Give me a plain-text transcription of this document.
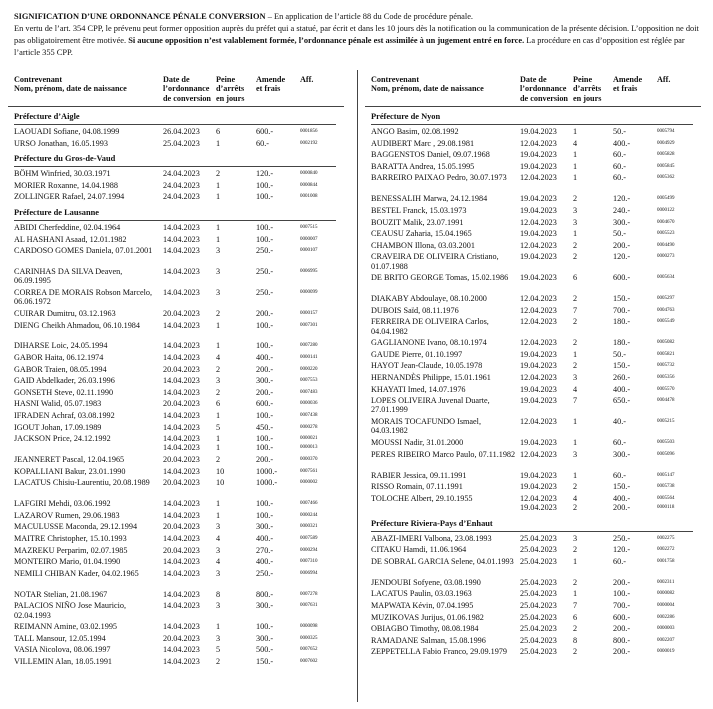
SIGNIFICATION D’UNE ORDONNANCE PÉNALE CONVERSION – En application de l’article 88 du Code de procédure pénale.

En vertu de l’art. 354 CPP, le prévenu peut former opposition auprès du préfet qui a statué, par écrit et dans les 10 jours dès la notification ou la communication de la présente décision. L’opposition ne doit pas obligatoirement être motivée. Si aucune opposition n’est valablement formée, l’ordonnance pénale est assimilée à un jugement entré en force. La procédure en cas d’opposition est réglée par l’article 355 CPP.

Contrevenant
Nom, prénom, date de naissance
Date de
l’ordonnance
de conversion
Peine
d’arrêts
en jours
Amende
et frais
Aff.
Préfecture d’Aigle
LAOUADI Sofiane, 04.08.1999	26.04.2023 6	600.-	0001856
URSO Jonathan, 16.05.1993	25.04.2023 1	60.-	0002192
Préfecture du Gros-de-Vaud
BÖHM Winfried, 30.03.1971	24.04.2023 2	120.-	0000840
MORIER Roxanne, 14.04.1988	24.04.2023 1	100.-	0000844
ZOLLINGER Rafael, 24.07.1994	24.04.2023 1	100.-	0001008
Préfecture de Lausanne
ABIDI Cherfeddine, 02.04.1964	14.04.2023 1	100.-	0007515
AL HASHANI Asaad, 12.01.1982	14.04.2023 1	100.-	0000007
CARDOSO GOMES Daniela, 07.01.2001	14.04.2023 3	250.-	0000107
CARINHAS DA SILVA Deaven, 06.09.1995
14.04.2023 3	250.-	0006995
CORREA DE MORAIS Robson Marcelo, 06.06.1972
14.04.2023 3	250.-	0000099
CUIRAR Dumitru, 03.12.1963	20.04.2023 2	200.-	0000157
DIENG Cheikh Ahmadou, 06.10.1984	14.04.2023 1	100.-	0007301
DIHARSE Loic, 24.05.1994	14.04.2023 1	100.-	0007280
GABOR Haita, 06.12.1974	14.04.2023 4	400.-	0000141
GABOR Traien, 08.05.1994	20.04.2023 2	200.-	0000220
GAID Abdelkader, 26.03.1996	14.04.2023 3	300.-	0007553
GONSETH Steve, 02.11.1990	14.04.2023 2	200.-	0007483
HASNI Walid, 05.07.1983	20.04.2023 6	600.-	0000036
IFRADEN Achraf, 03.08.1992	14.04.2023 1	100.-	0007438
IGOUT Johan, 17.09.1989	14.04.2023 5	450.-	0000278
JACKSON Price, 24.12.1992	14.04.2023 1	100.-	0000021
14.04.2023 1	100.-	0000013
JEANNERET Pascal, 12.04.1965	20.04.2023 2	200.-	0000370
KOPALLIANI Bakur, 23.01.1990	14.04.2023 10	1000.-	0007561
LACATUS Chisiu-Laurentiu, 20.08.1989	20.04.2023 10	1000.-	0000002
LAFGIRI Mehdi, 03.06.1992	14.04.2023 1	100.-	0007466
LAZAROV Rumen, 29.06.1983	14.04.2023 1	100.-	0000244
MACULUSSE Maconda, 29.12.1994	20.04.2023 3	300.-	0000321
MAITRE Christopher, 15.10.1993	14.04.2023 4	400.-	0007589
MAZREKU Perparim, 02.07.1985	20.04.2023 3	270.-	0000294
MONTEIRO Mario, 01.04.1990	14.04.2023 4	400.-	0007310
NEMILI CHIBAN Kader, 04.02.1965	14.04.2023 3	250.-	0006994
NOTAR Stelian, 21.08.1967	14.04.2023 8	800.-	0007278
PALACIOS NIÑO Jose Mauricio, 02.04.1993
14.04.2023 3	300.-	0007631
REIMANN Amine, 03.02.1995	14.04.2023 1	100.-	0000098
TALL Mansour, 12.05.1994	20.04.2023 3	300.-	0000325
VASIA Nicolova, 08.06.1997	14.04.2023 5	500.-	0007652
VILLEMIN Alan, 18.05.1991	14.04.2023 2	150.-	0007602
Contrevenant
Nom, prénom, date de naissance
Date de
l’ordonnance
de conversion
Peine
d’arrêts
en jours
Amende
et frais
Aff.
Préfecture de Nyon
ANGO Basim, 02.08.1992	19.04.2023 1	50.-	0005794
AUDIBERT Marc , 29.08.1981	12.04.2023 4	400.-	0004929
BAGGENSTOS Daniel, 09.07.1968	19.04.2023 1	60.-	0005828
BARATTA Andrea, 15.05.1995	19.04.2023 1	60.-	0005845
BARREIRO PAIXAO Pedro, 30.07.1973	12.04.2023 1	60.-	0005362
BENESSALIH Marwa, 24.12.1984	19.04.2023 2	120.-	0005499
BESTEL Franck, 15.03.1973	19.04.2023 3	240.-	0000122
BOUZIT Malik, 23.07.1991	12.04.2023 3	300.-	0004670
CEAUSU Zaharia, 15.04.1965	19.04.2023 1	50.-	0005523
CHAMBON Illona, 03.03.2001	12.04.2023 2	200.-	0004490
CRAVEIRA DE OLIVEIRA Cristiano, 01.07.1988
19.04.2023 2	120.-	0000273
DE BRITO GEORGE Tomas, 15.02.1986	19.04.2023 6	600.-	0005634
DIAKABY Abdoulaye, 08.10.2000	12.04.2023 2	150.-	0005297
DUBOIS Saïd, 08.11.1976	12.04.2023 7	700.-	0004763
FERREIRA DE OLIVEIRA Carlos, 04.04.1982
12.04.2023 2	180.-	0005549
GAGLIANONE Ivano, 08.10.1974	12.04.2023 2	180.-	0005082
GAUDE Pierre, 01.10.1997	19.04.2023 1	50.-	0005821
HAYOT Jean-Claude, 10.05.1978	19.04.2023 2	150.-	0005732
HERNANDÈS Philippe, 15.01.1961	12.04.2023 3	260.-	0005356
KHAYATI Imed, 14.07.1976	19.04.2023 4	400.-	0005570
LOPES OLIVEIRA Juvenal Duarte, 27.01.1999
19.04.2023 7	650.-	0004478
MORAIS TOCAFUNDO Ismael, 04.03.1982
12.04.2023 1	40.-	0005215
MOUSSI Nadir, 31.01.2000	19.04.2023 1	60.-	0005503
PERES RIBEIRO Marco Paulo, 07.11.1982 12.04.2023 3	300.-	0005096
RABIER Jessica, 09.11.1991	19.04.2023 1	60.-	0005147
RISSO Romain, 07.11.1991	19.04.2023 2	150.-	0005738
TOLOCHE Albert, 29.10.1955	12.04.2023 4	400.-	0005564
19.04.2023 2	200.-	0000118
Préfecture Riviera-Pays d’Enhaut
ABAZI-IMERI Valbona, 23.08.1993	25.04.2023 3	250.-	0002275
CITAKU Hamdi, 11.06.1964	25.04.2023 2	120.-	0002272
DE SOBRAL GARCIA Selene, 04.01.1993 25.04.2023 1	60.-	0001758
JENDOUBI Sofyene, 03.08.1990	25.04.2023 2	200.-	0002311
LACATUS Paulin, 03.03.1963	25.04.2023 1	100.-	0000082
MAPWATA Kévin, 07.04.1995	25.04.2023 7	700.-	0000004
MUZIKOVAS Jurijus, 01.06.1982	25.04.2023 6	600.-	0002286
OBIAGBO Timothy, 08.08.1984	25.04.2023 2	200.-	0000003
RAMADANE Salman, 15.08.1996	25.04.2023 8	800.-	0002207
ZEPPETELLA Fabio Franco, 29.09.1979	25.04.2023 2	200.-	0000019
